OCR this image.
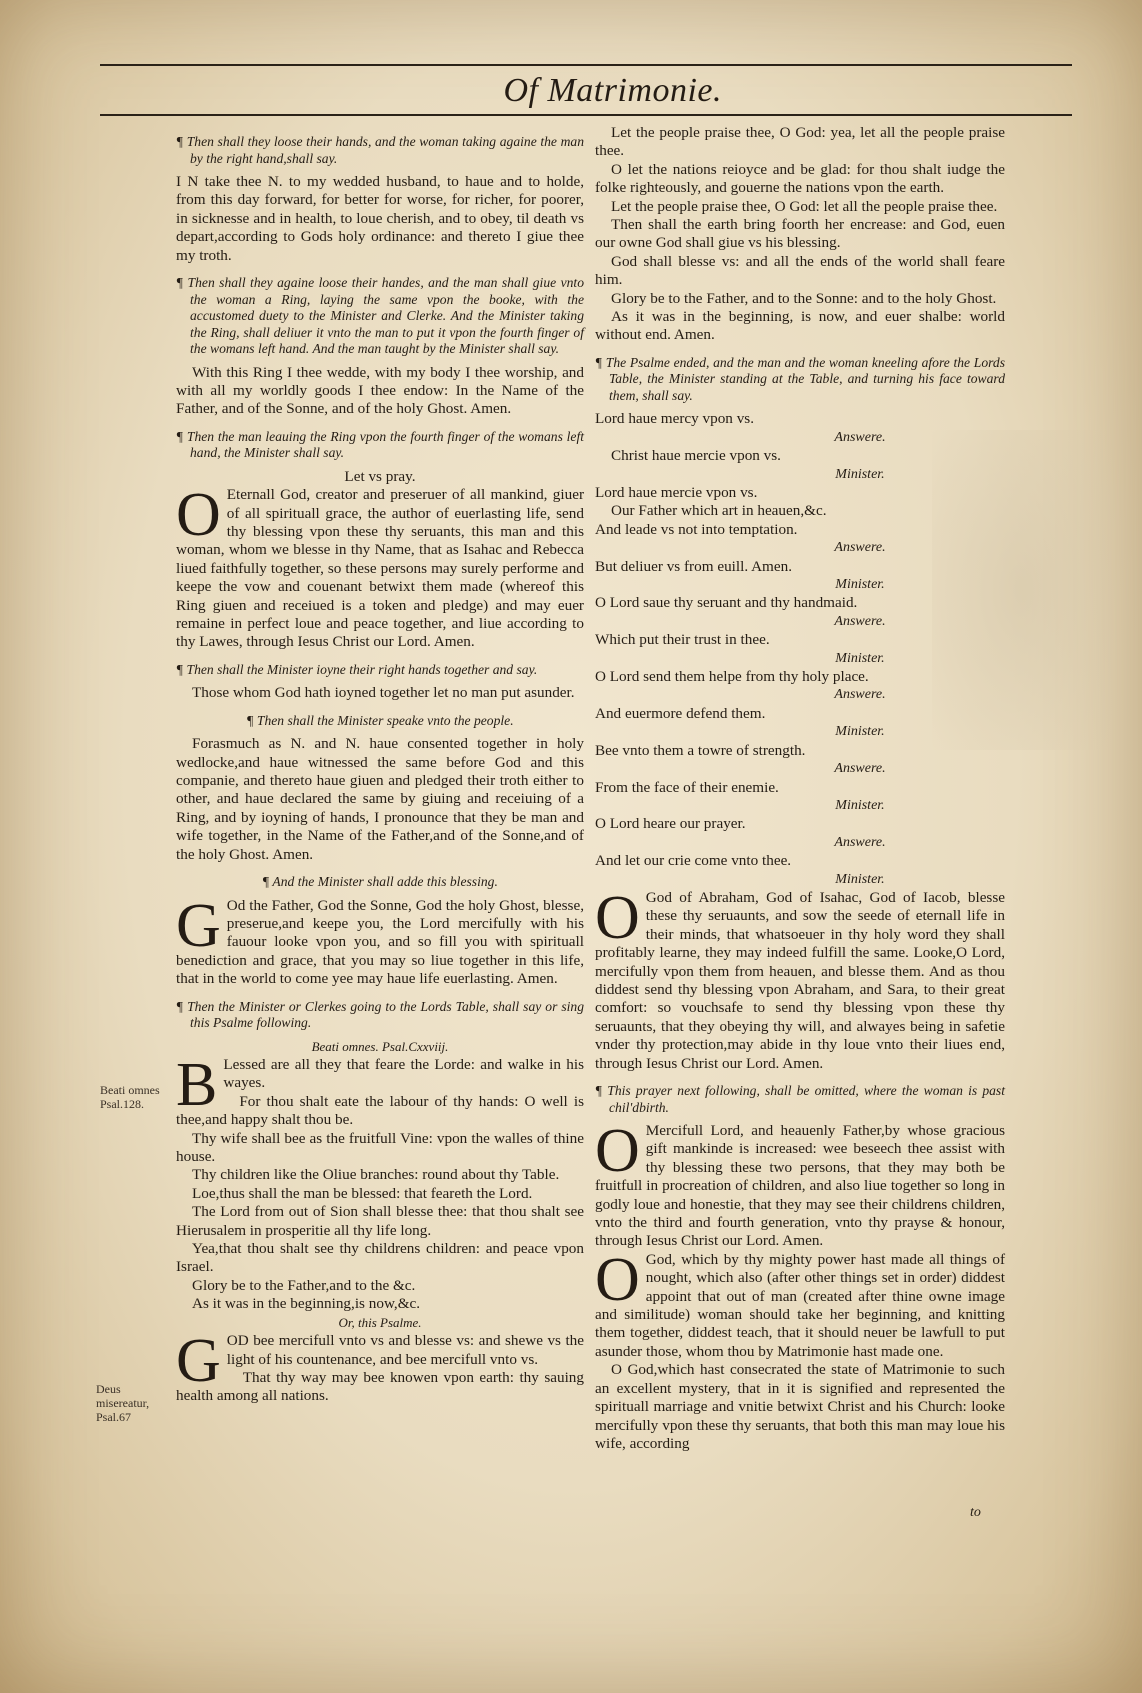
Of Matrimonie.

¶ Then shall they loose their hands, and the woman taking againe the man by the right hand,shall say.

I N take thee N. to my wedded husband, to haue and to holde, from this day forward, for better for worse, for richer, for poorer, in sicknesse and in health, to loue cherish, and to obey, til death vs depart,according to Gods holy ordinance: and thereto I giue thee my troth.

¶ Then shall they againe loose their handes, and the man shall giue vnto the woman a Ring, laying the same vpon the booke, with the accustomed duety to the Minister and Clerke. And the Minister taking the Ring, shall deliuer it vnto the man to put it vpon the fourth finger of the womans left hand. And the man taught by the Minister shall say.

With this Ring I thee wedde, with my body I thee worship, and with all my worldly goods I thee endow: In the Name of the Father, and of the Sonne, and of the holy Ghost. Amen.

¶ Then the man leauing the Ring vpon the fourth finger of the womans left hand, the Minister shall say.

Let vs pray.

O Eternall God, creator and preseruer of all mankind, giuer of all spirituall grace, the author of euerlasting life, send thy blessing vpon these thy seruants, this man and this woman, whom we blesse in thy Name, that as Isahac and Rebecca liued faithfully together, so these persons may surely performe and keepe the vow and couenant betwixt them made (whereof this Ring giuen and receiued is a token and pledge) and may euer remaine in perfect loue and peace together, and liue according to thy Lawes, through Iesus Christ our Lord. Amen.

¶ Then shall the Minister ioyne their right hands together and say.

Those whom God hath ioyned together let no man put asunder.

¶ Then shall the Minister speake vnto the people.

Forasmuch as N. and N. haue consented together in holy wedlocke,and haue witnessed the same before God and this companie, and thereto haue giuen and pledged their troth either to other, and haue declared the same by giuing and receiuing of a Ring, and by ioyning of hands, I pronounce that they be man and wife together, in the Name of the Father,and of the Sonne,and of the holy Ghost. Amen.

¶ And the Minister shall adde this blessing.

G Od the Father, God the Sonne, God the holy Ghost, blesse, preserue,and keepe you, the Lord mercifully with his fauour looke vpon you, and so fill you with spirituall benediction and grace, that you may so liue together in this life, that in the world to come yee may haue life euerlasting. Amen.

¶ Then the Minister or Clerkes going to the Lords Table, shall say or sing this Psalme following.

Beati omnes. Psal.Cxxviij.

B Lessed are all they that feare the Lorde: and walke in his wayes.

For thou shalt eate the labour of thy hands: O well is thee,and happy shalt thou be.

Thy wife shall bee as the fruitfull Vine: vpon the walles of thine house.

Thy children like the Oliue branches: round about thy Table.

Loe,thus shall the man be blessed: that feareth the Lord.

The Lord from out of Sion shall blesse thee: that thou shalt see Hierusalem in prosperitie all thy life long.

Yea,that thou shalt see thy childrens children: and peace vpon Israel.

Glory be to the Father,and to the &c.

As it was in the beginning,is now,&c.

Or, this Psalme.

GOD bee mercifull vnto vs and blesse vs: and shewe vs the light of his countenance, and bee mercifull vnto vs.

That thy way may bee knowen vpon earth: thy sauing health among all nations.

Beati omnes Psal.128.
Deus misereatur, Psal.67

Let the people praise thee, O God: yea, let all the people praise thee.

O let the nations reioyce and be glad: for thou shalt iudge the folke righteously, and gouerne the nations vpon the earth.

Let the people praise thee, O God: let all the people praise thee.

Then shall the earth bring foorth her encrease: and God, euen our owne God shall giue vs his blessing.

God shall blesse vs: and all the ends of the world shall feare him.

Glory be to the Father, and to the Sonne: and to the holy Ghost.

As it was in the beginning, is now, and euer shalbe: world without end. Amen.

¶ The Psalme ended, and the man and the woman kneeling afore the Lords Table, the Minister standing at the Table, and turning his face toward them, shall say.

Lord haue mercy vpon vs.

Answere.

Christ haue mercie vpon vs.

Minister.

Lord haue mercie vpon vs.

Our Father which art in heauen,&c.

And leade vs not into temptation.

Answere.

But deliuer vs from euill. Amen.

Minister.

O Lord saue thy seruant and thy handmaid.

Answere.

Which put their trust in thee.

Minister.

O Lord send them helpe from thy holy place.

Answere.

And euermore defend them.

Minister.

Bee vnto them a towre of strength.

Answere.

From the face of their enemie.

Minister.

O Lord heare our prayer.

Answere.

And let our crie come vnto thee.

Minister.

O God of Abraham, God of Isahac, God of Iacob, blesse these thy seruaunts, and sow the seede of eternall life in their minds, that whatsoeuer in thy holy word they shall profitably learne, they may indeed fulfill the same. Looke,O Lord, mercifully vpon them from heauen, and blesse them. And as thou diddest send thy blessing vpon Abraham, and Sara, to their great comfort: so vouchsafe to send thy blessing vpon these thy seruaunts, that they obeying thy will, and alwayes being in safetie vnder thy protection,may abide in thy loue vnto their liues end, through Iesus Christ our Lord. Amen.

¶ This prayer next following, shall be omitted, where the woman is past chil'dbirth.

O Mercifull Lord, and heauenly Father,by whose gracious gift mankinde is increased: wee beseech thee assist with thy blessing these two persons, that they may both be fruitfull in procreation of children, and also liue together so long in godly loue and honestie, that they may see their childrens children, vnto the third and fourth generation, vnto thy prayse & honour, through Iesus Christ our Lord. Amen.

O God, which by thy mighty power hast made all things of nought, which also (after other things set in order) diddest appoint that out of man (created after thine owne image and similitude) woman should take her beginning, and knitting them together, diddest teach, that it should neuer be lawfull to put asunder those, whom thou by Matrimonie hast made one.

O God,which hast consecrated the state of Matrimonie to such an excellent mystery, that in it is signified and represented the spirituall marriage and vnitie betwixt Christ and his Church: looke mercifully vpon these thy seruants, that both this man may loue his wife, according

to
